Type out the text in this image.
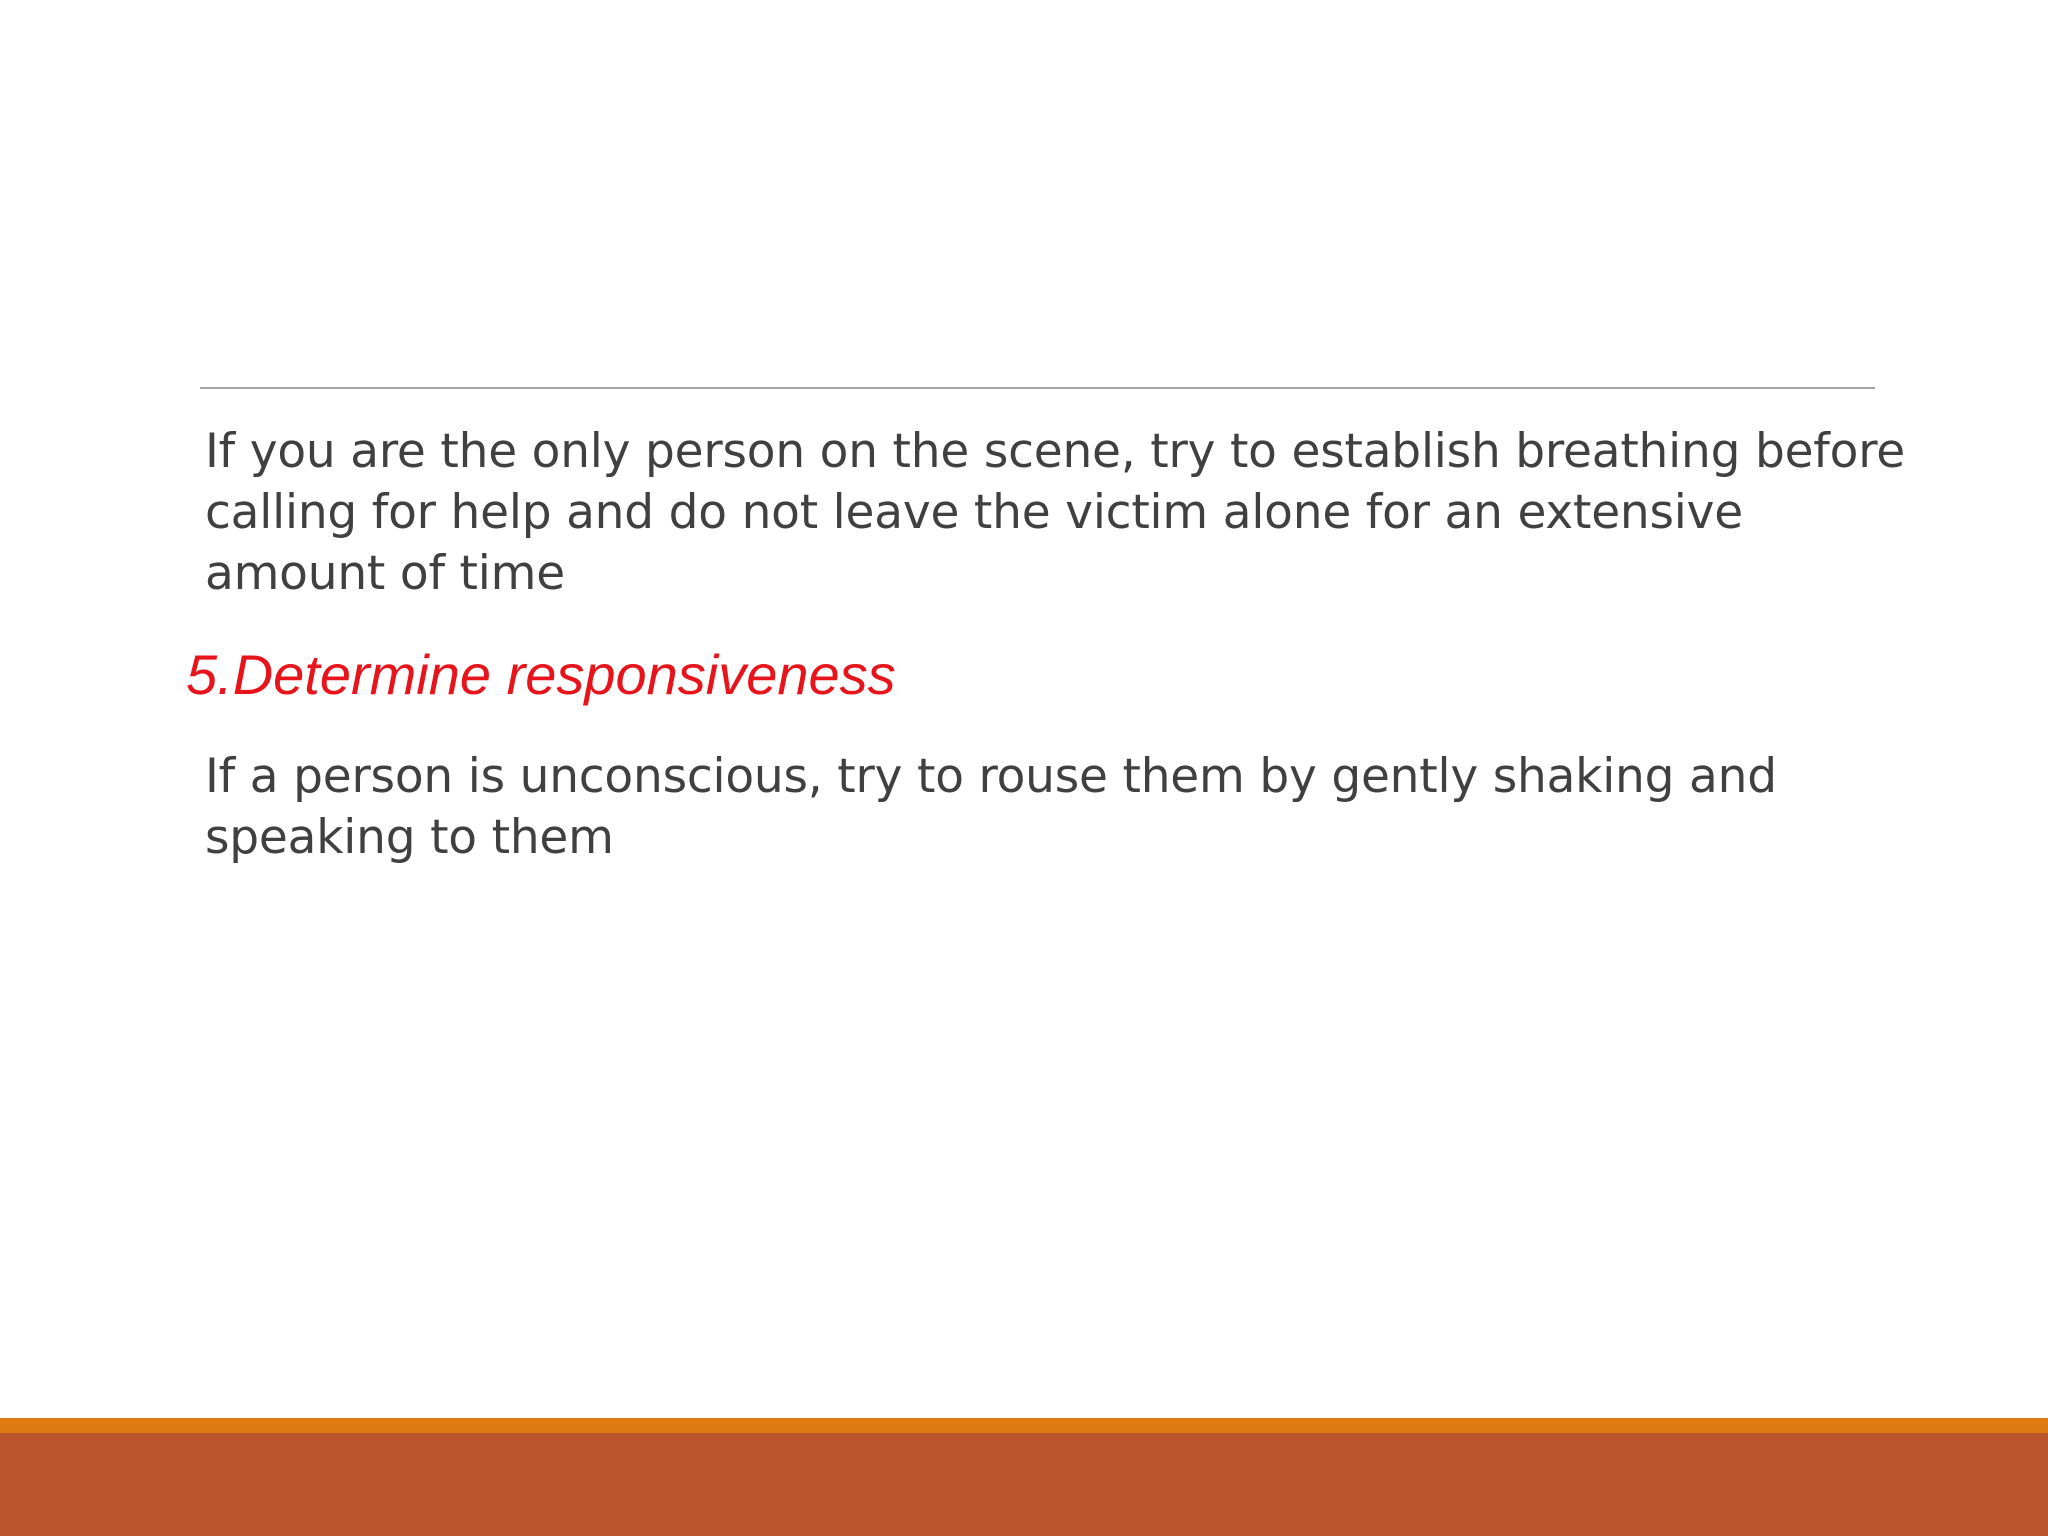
If you are the only person on the scene, try to establish breathing before calling for help and do not leave the victim alone for an extensive amount of time

5.Determine responsiveness

If a person is unconscious, try to rouse them by gently shaking and speaking to them
